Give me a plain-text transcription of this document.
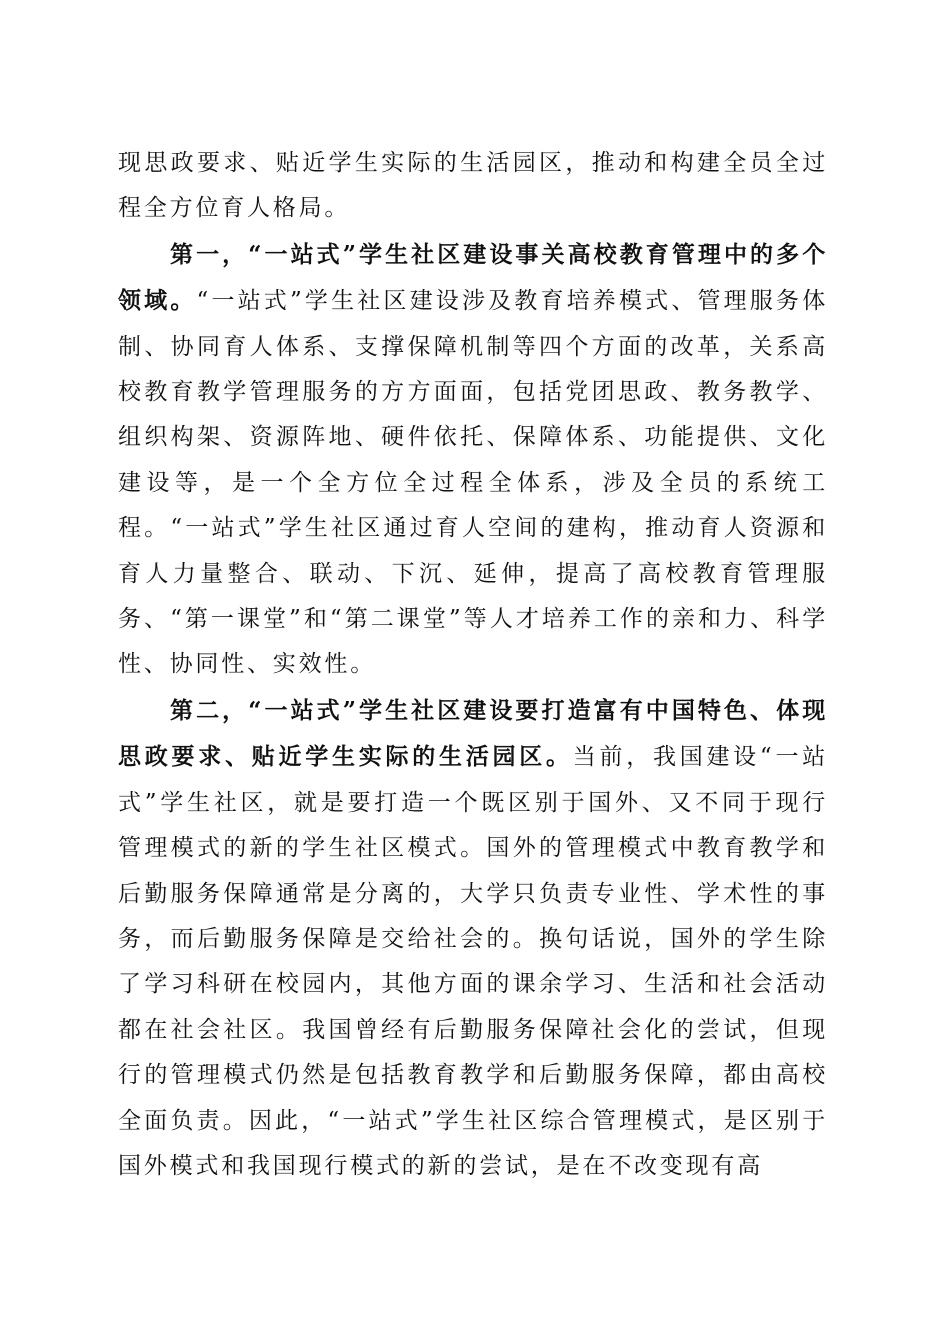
现思政要求、贴近学生实际的生活园区，推动和构建全员全过程全方位育人格局。

第一，“一站式”学生社区建设事关高校教育管理中的多个领域。“一站式”学生社区建设涉及教育培养模式、管理服务体制、协同育人体系、支撑保障机制等四个方面的改革，关系高校教育教学管理服务的方方面面，包括党团思政、教务教学、组织构架、资源阵地、硬件依托、保障体系、功能提供、文化建设等，是一个全方位全过程全体系，涉及全员的系统工程。“一站式”学生社区通过育人空间的建构，推动育人资源和育人力量整合、联动、下沉、延伸，提高了高校教育管理服务、“第一课堂”和“第二课堂”等人才培养工作的亲和力、科学性、协同性、实效性。

第二，“一站式”学生社区建设要打造富有中国特色、体现思政要求、贴近学生实际的生活园区。当前，我国建设“一站式”学生社区，就是要打造一个既区别于国外、又不同于现行管理模式的新的学生社区模式。国外的管理模式中教育教学和后勤服务保障通常是分离的，大学只负责专业性、学术性的事务，而后勤服务保障是交给社会的。换句话说，国外的学生除了学习科研在校园内，其他方面的课余学习、生活和社会活动都在社会社区。我国曾经有后勤服务保障社会化的尝试，但现行的管理模式仍然是包括教育教学和后勤服务保障，都由高校全面负责。因此，“一站式”学生社区综合管理模式，是区别于国外模式和我国现行模式的新的尝试，是在不改变现有高
